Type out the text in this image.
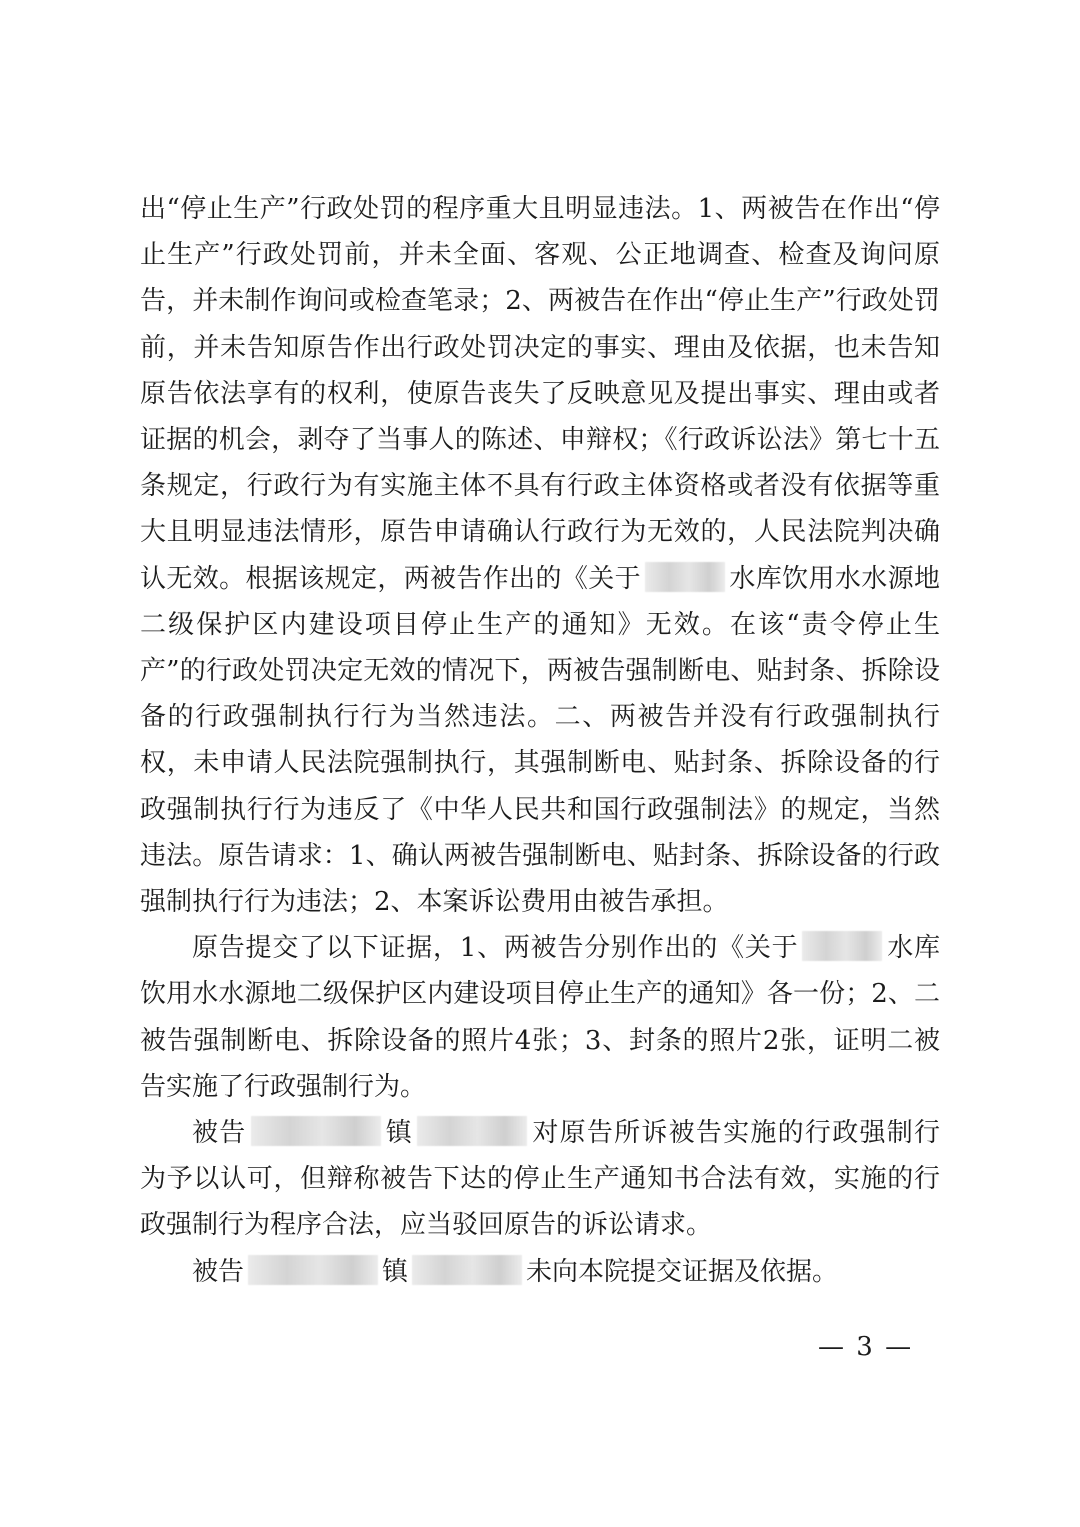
出“停止生产”行政处罚的程序重大且明显违法。1、两被告在作出“停止生产”行政处罚前，并未全面、客观、公正地调查、检查及询问原告，并未制作询问或检查笔录；2、两被告在作出“停止生产”行政处罚前，并未告知原告作出行政处罚决定的事实、理由及依据，也未告知原告依法享有的权利，使原告丧失了反映意见及提出事实、理由或者证据的机会，剥夺了当事人的陈述、申辩权；《行政诉讼法》第七十五条规定，行政行为有实施主体不具有行政主体资格或者没有依据等重大且明显违法情形，原告申请确认行政行为无效的，人民法院判决确认无效。根据该规定，两被告作出的《关于	水库饮用水水源地二级保护区内建设项目停止生产的通知》无效。在该“责令停止生产”的行政处罚决定无效的情况下，两被告强制断电、贴封条、拆除设备的行政强制执行行为当然违法。二、两被告并没有行政强制执行权，未申请人民法院强制执行，其强制断电、贴封条、拆除设备的行政强制执行行为违反了《中华人民共和国行政强制法》的规定，当然违法。原告请求：1、确认两被告强制断电、贴封条、拆除设备的行政强制执行行为违法；2、本案诉讼费用由被告承担。

原告提交了以下证据，1、两被告分别作出的《关于	水库饮用水水源地二级保护区内建设项目停止生产的通知》各一份；2、二被告强制断电、拆除设备的照片4张；3、封条的照片2张，证明二被告实施了行政强制行为。

被告	镇	对原告所诉被告实施的行政强制行为予以认可，但辩称被告下达的停止生产通知书合法有效，实施的行政强制行为程序合法，应当驳回原告的诉讼请求。

被告	镇	未向本院提交证据及依据。

— 3 —
